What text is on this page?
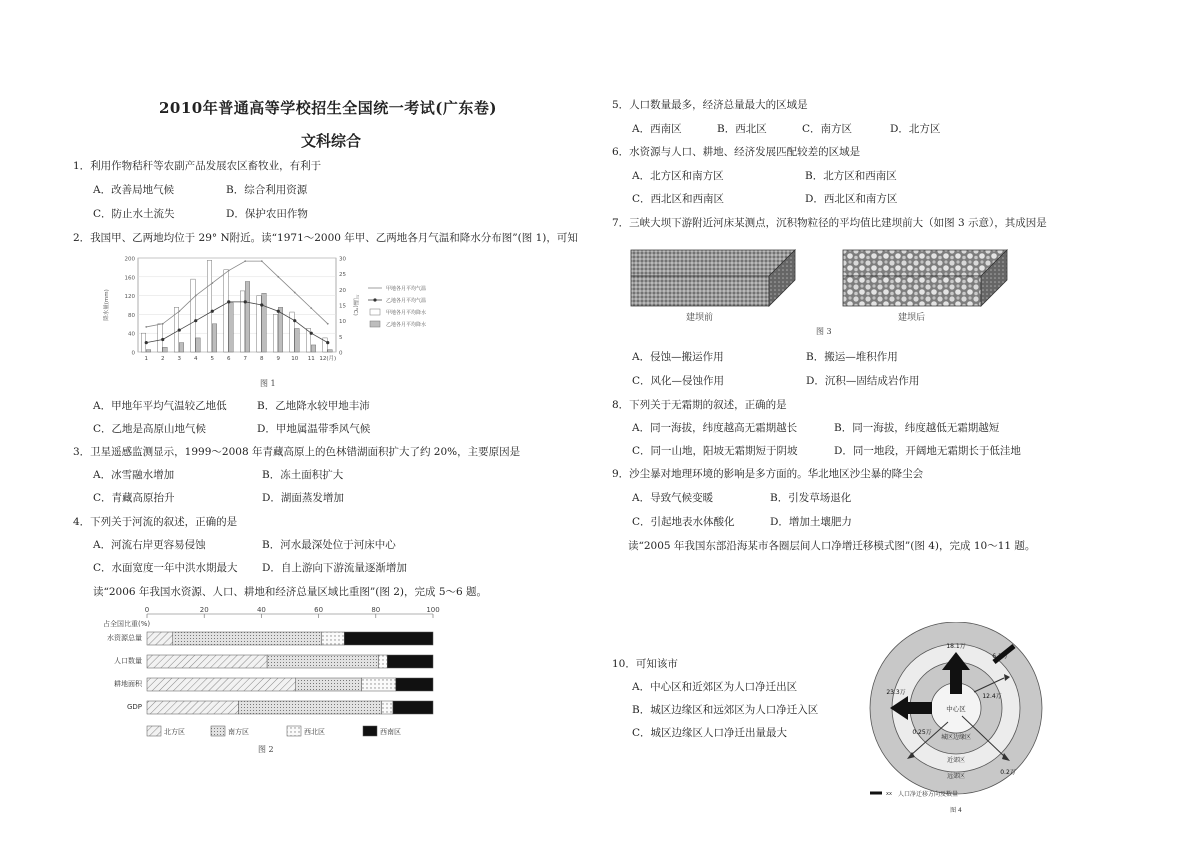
2010年普通高等学校招生全国统一考试(广东卷)
文科综合
1．利用作物秸秆等农副产品发展农区畜牧业，有利于
A．改善局地气候	B．综合利用资源
C．防止水土流失	D．保护农田作物
2．我国甲、乙两地均位于 29° N附近。读“1971～2000 年甲、乙两地各月气温和降水分布图”(图 1)，可知
200
160
120
80
40
0
30
25
20
15
10
5
0
降水量(mm)	气温(℃)
1 2 3 4 5 6 7 8 9 10 11 12(月)
甲地各月平均气温
乙地各月平均气温
甲地各月平均降水
乙地各月平均降水
图 1
A．甲地年平均气温较乙地低	B．乙地降水较甲地丰沛
C．乙地是高原山地气候	D．甲地属温带季风气候
3．卫星遥感监测显示，1999～2008 年青藏高原上的色林错湖面积扩大了约 20%，主要原因是
A．冰雪融水增加	B．冻土面积扩大
C．青藏高原抬升	D．湖面蒸发增加
4．下列关于河流的叙述，正确的是
A．河流右岸更容易侵蚀	B．河水最深处位于河床中心
C．水面宽度一年中洪水期最大 D．自上游向下游流量逐渐增加
读“2006 年我国水资源、人口、耕地和经济总量区域比重图”(图 2)，完成 5～6 题。
占全国比重(%)
0	20	40	60	80	100
水资源总量
人口数量
耕地面积
GDP
北方区	南方区	西北区	西南区
图 2
5．人口数量最多，经济总量最大的区域是
A．西南区	B．西北区	C．南方区	D．北方区
6．水资源与人口、耕地、经济发展匹配较差的区域是
A．北方区和南方区	B．北方区和西南区
C．西北区和西南区	D．西北区和南方区
7．三峡大坝下游附近河床某测点，沉积物粒径的平均值比建坝前大（如图 3 示意），其成因是
建坝前	建坝后
图 3
A．侵蚀—搬运作用	B．搬运—堆积作用
C．风化—侵蚀作用	D．沉积—固结成岩作用
8．下列关于无霜期的叙述，正确的是
A．同一海拔，纬度越高无霜期越长	B．同一海拔，纬度越低无霜期越短
C．同一山地，阳坡无霜期短于阴坡	D．同一地段，开阔地无霜期长于低洼地
9．沙尘暴对地理环境的影响是多方面的。华北地区沙尘暴的降尘会
A．导致气候变暖	B．引发草场退化
C．引起地表水体酸化	D．增加土壤肥力
读“2005 年我国东部沿海某市各圈层间人口净增迁移模式图”(图 4)，完成 10～11 题。
10．可知该市
A．中心区和近郊区为人口净迁出区
B．城区边缘区和远郊区为人口净迁入区
C．城区边缘区人口净迁出量最大
中心区
城区边缘区
近郊区
远郊区
18.1万
23.3万
6.1万
12.4万
0.2万
0.25万
xx 人口净迁移方向及数量
图 4
